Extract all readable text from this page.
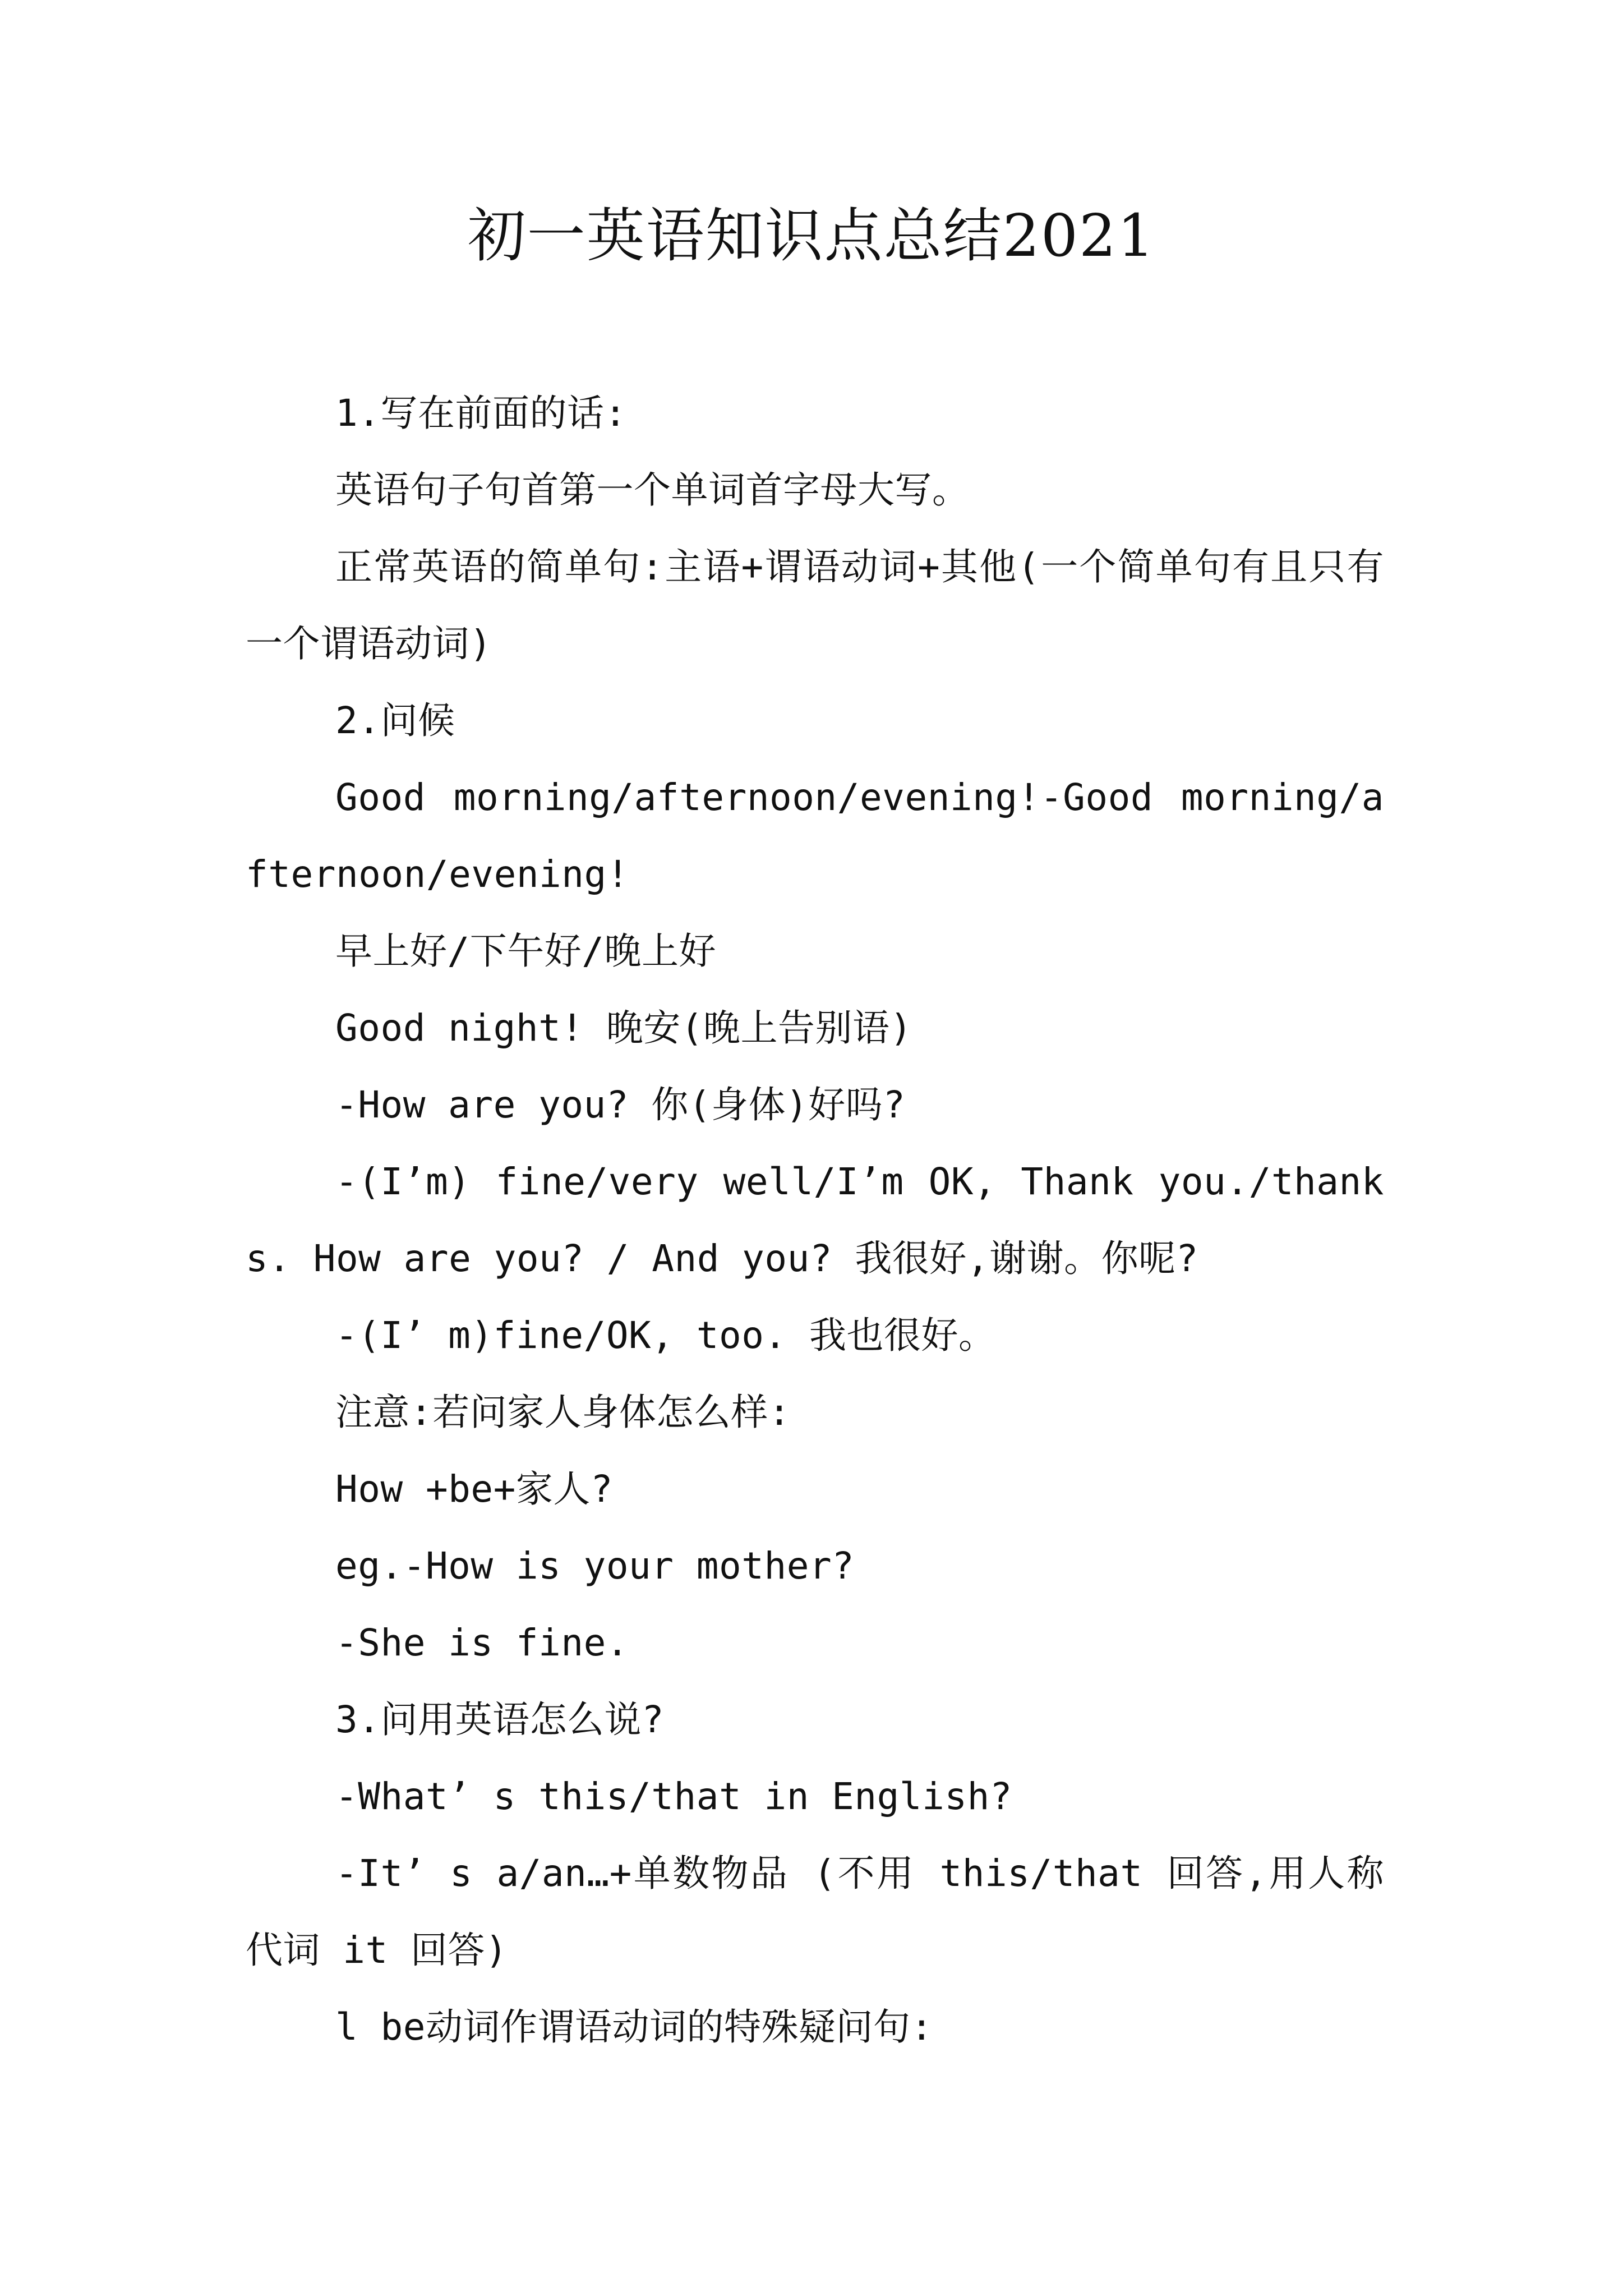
初一英语知识点总结2021

1.写在前面的话:

英语句子句首第一个单词首字母大写。

正常英语的简单句:主语+谓语动词+其他(一个简单句有且只有一个谓语动词)

2.问候

Good morning/afternoon/evening!-Good morning/afternoon/evening!

早上好/下午好/晚上好

Good night! 晚安(晚上告别语)

-How are you? 你(身体)好吗?

-(I’m) fine/very well/I’m OK, Thank you./thanks. How are you? / And you? 我很好,谢谢。你呢?

-(I’ m)fine/OK, too. 我也很好。

注意:若问家人身体怎么样:

How +be+家人?

eg.-How is your mother?

-She is fine.

3.问用英语怎么说?

-What’ s this/that in English?

-It’ s a/an…+单数物品 (不用 this/that 回答,用人称代词 it 回答)

l be动词作谓语动词的特殊疑问句:
